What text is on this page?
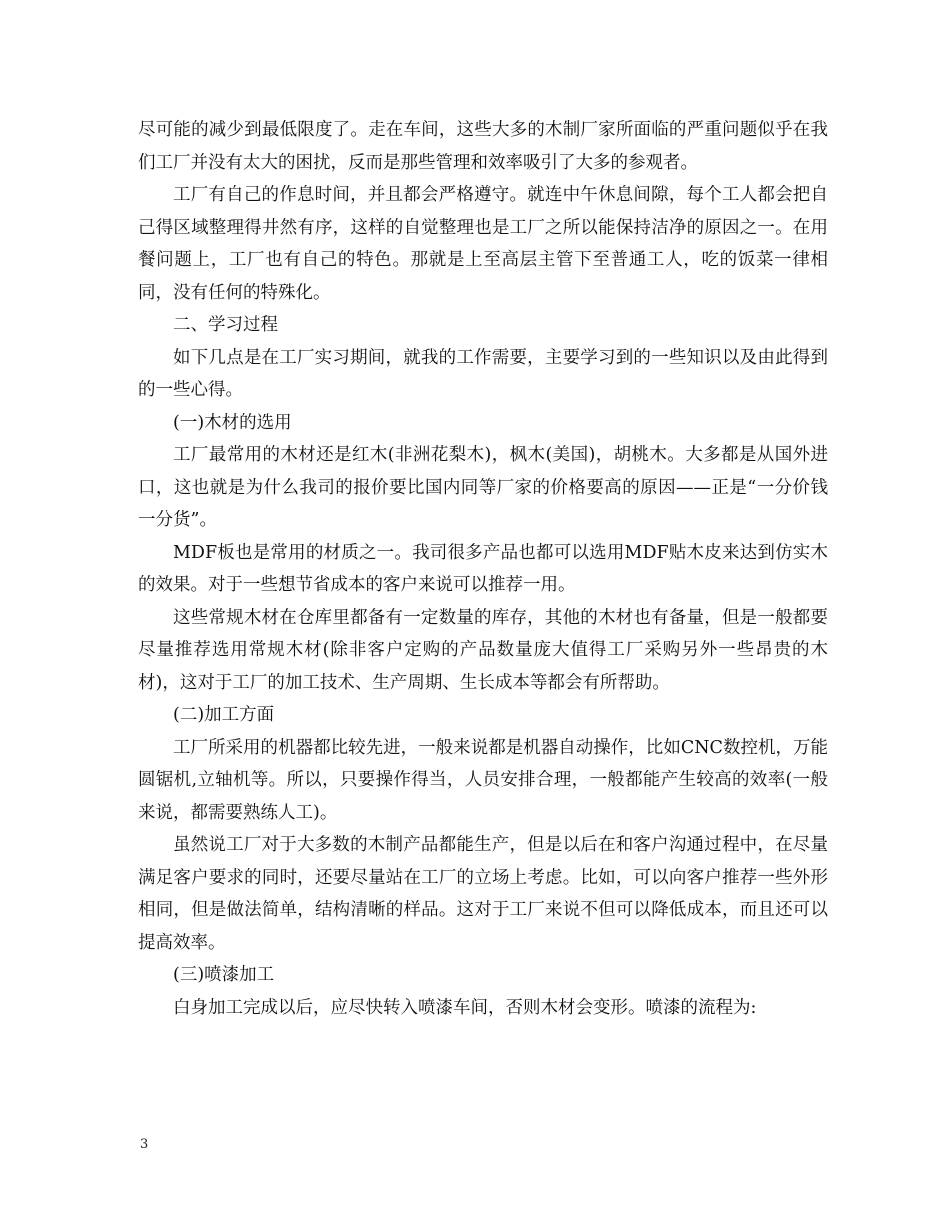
尽可能的减少到最低限度了。走在车间，这些大多的木制厂家所面临的严重问题似乎在我们工厂并没有太大的困扰，反而是那些管理和效率吸引了大多的参观者。

工厂有自己的作息时间，并且都会严格遵守。就连中午休息间隙，每个工人都会把自己得区域整理得井然有序，这样的自觉整理也是工厂之所以能保持洁净的原因之一。在用餐问题上，工厂也有自己的特色。那就是上至高层主管下至普通工人，吃的饭菜一律相同，没有任何的特殊化。

二、学习过程

如下几点是在工厂实习期间，就我的工作需要，主要学习到的一些知识以及由此得到的一些心得。

(一)木材的选用

工厂最常用的木材还是红木(非洲花梨木)，枫木(美国)，胡桃木。大多都是从国外进口，这也就是为什么我司的报价要比国内同等厂家的价格要高的原因——正是“一分价钱一分货”。

MDF板也是常用的材质之一。我司很多产品也都可以选用MDF贴木皮来达到仿实木的效果。对于一些想节省成本的客户来说可以推荐一用。

这些常规木材在仓库里都备有一定数量的库存，其他的木材也有备量，但是一般都要尽量推荐选用常规木材(除非客户定购的产品数量庞大值得工厂采购另外一些昂贵的木材)，这对于工厂的加工技术、生产周期、生长成本等都会有所帮助。

(二)加工方面

工厂所采用的机器都比较先进，一般来说都是机器自动操作，比如CNC数控机，万能圆锯机,立轴机等。所以，只要操作得当，人员安排合理，一般都能产生较高的效率(一般来说，都需要熟练人工)。

虽然说工厂对于大多数的木制产品都能生产，但是以后在和客户沟通过程中，在尽量满足客户要求的同时，还要尽量站在工厂的立场上考虑。比如，可以向客户推荐一些外形相同，但是做法简单，结构清晰的样品。这对于工厂来说不但可以降低成本，而且还可以提高效率。

(三)喷漆加工

白身加工完成以后，应尽快转入喷漆车间，否则木材会变形。喷漆的流程为:

3
